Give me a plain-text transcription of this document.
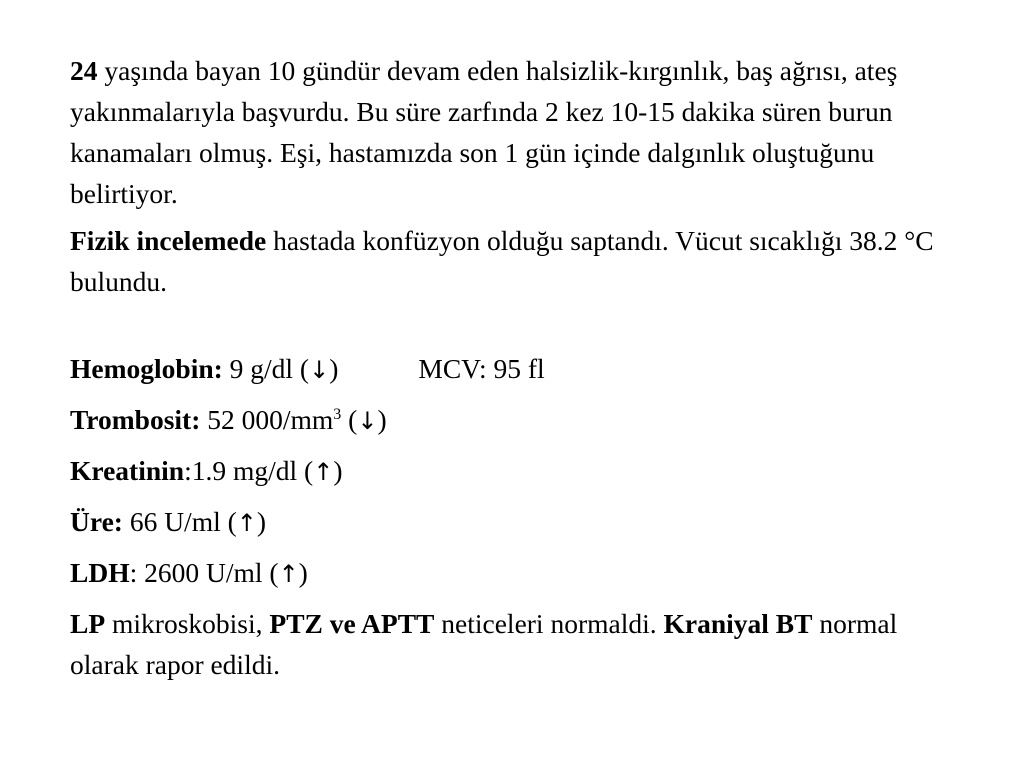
24 yaşında bayan 10 gündür devam eden halsizlik-kırgınlık, baş ağrısı, ateş yakınmalarıyla başvurdu. Bu süre zarfında 2 kez 10-15 dakika süren burun kanamaları olmuş. Eşi, hastamızda son 1 gün içinde dalgınlık oluştuğunu belirtiyor.

Fizik incelemede hastada konfüzyon olduğu saptandı. Vücut sıcaklığı 38.2 °C bulundu.

Hemoglobin: 9 g/dl (↓)	MCV: 95 fl

Trombosit: 52 $000/mm^3$ (↓)

Kreatinin:1.9 mg/dl (↑)

Üre: 66 U/ml (↑)

LDH: 2600 U/ml (↑)

LP mikroskobisi, PTZ ve APTT neticeleri normaldi. Kraniyal BT normal olarak rapor edildi.
